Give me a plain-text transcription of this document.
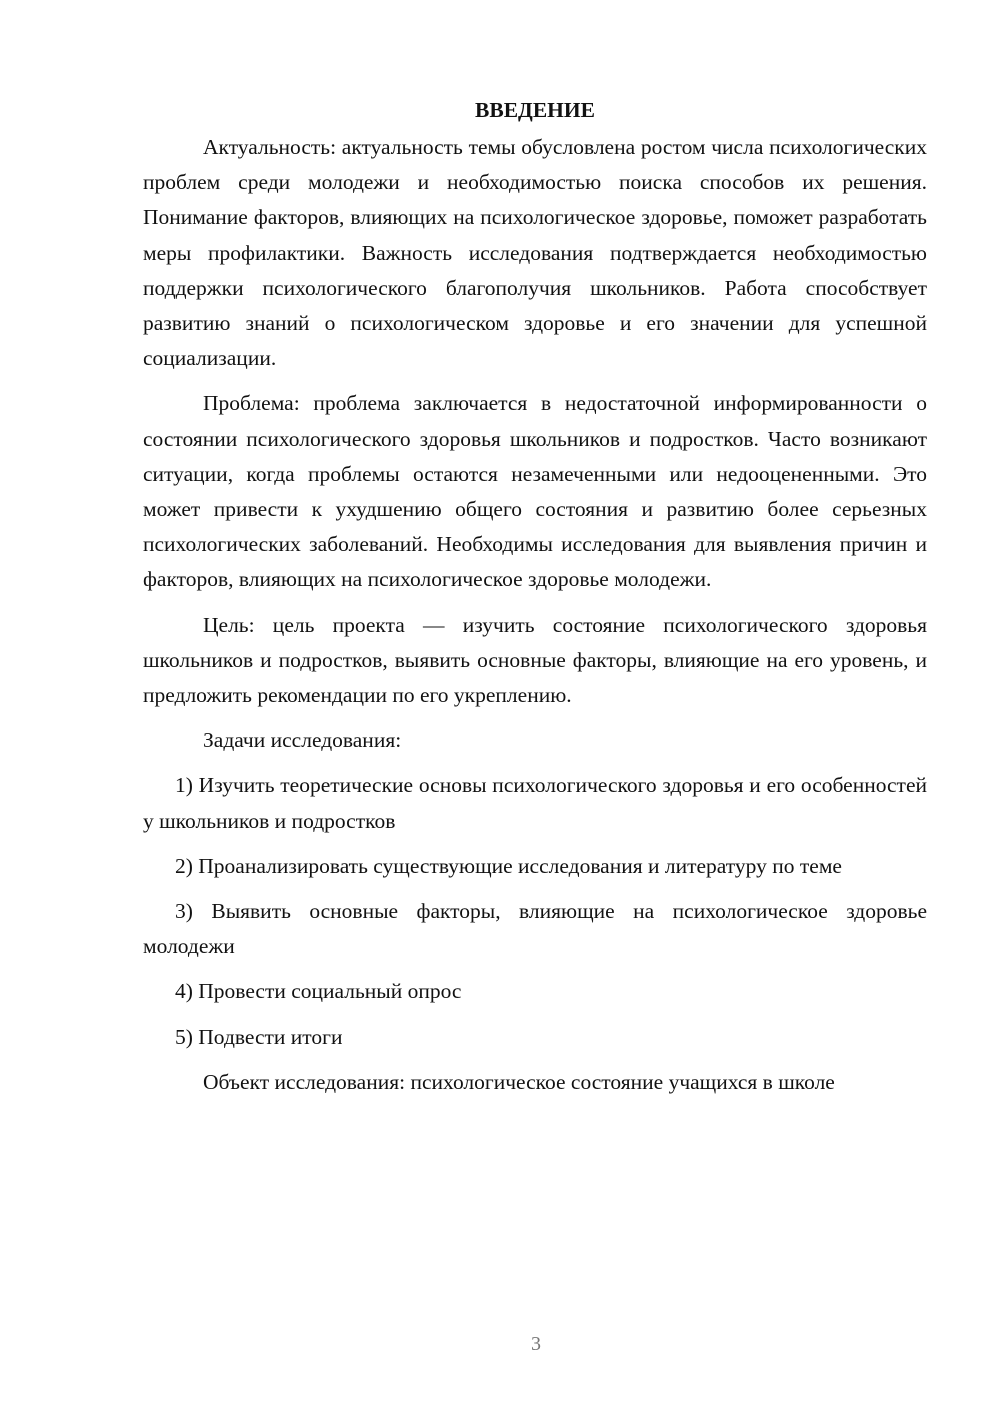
ВВЕДЕНИЕ

Актуальность: актуальность темы обусловлена ростом числа психологических проблем среди молодежи и необходимостью поиска способов их решения. Понимание факторов, влияющих на психологическое здоровье, поможет разработать меры профилактики. Важность исследования подтверждается необходимостью поддержки психологического благополучия школьников. Работа способствует развитию знаний о психологическом здоровье и его значении для успешной социализации.

Проблема: проблема заключается в недостаточной информированности о состоянии психологического здоровья школьников и подростков. Часто возникают ситуации, когда проблемы остаются незамеченными или недооцененными. Это может привести к ухудшению общего состояния и развитию более серьезных психологических заболеваний. Необходимы исследования для выявления причин и факторов, влияющих на психологическое здоровье молодежи.

Цель: цель проекта — изучить состояние психологического здоровья школьников и подростков, выявить основные факторы, влияющие на его уровень, и предложить рекомендации по его укреплению.

Задачи исследования:

1) Изучить теоретические основы психологического здоровья и его особенностей у школьников и подростков

2) Проанализировать существующие исследования и литературу по теме

3) Выявить основные факторы, влияющие на психологическое здоровье молодежи

4) Провести социальный опрос

5) Подвести итоги

Объект исследования: психологическое состояние учащихся в школе

3
